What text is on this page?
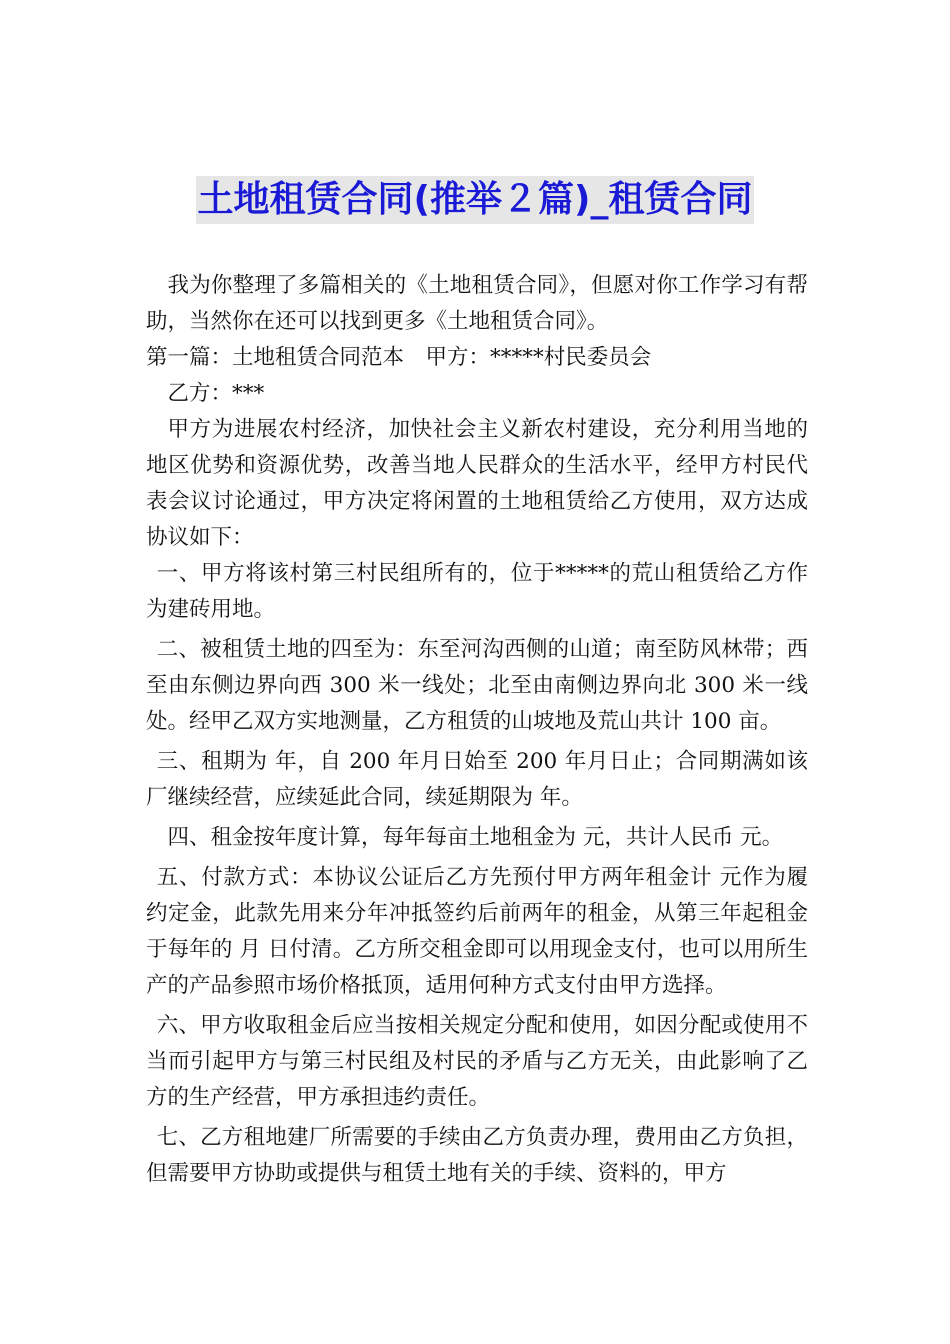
土地租赁合同(推举２篇)_租赁合同

我为你整理了多篇相关的《土地租赁合同》，但愿对你工作学习有帮助，当然你在还可以找到更多《土地租赁合同》。

第一篇：土地租赁合同范本　甲方：*****村民委员会

乙方：***

甲方为进展农村经济，加快社会主义新农村建设，充分利用当地的地区优势和资源优势，改善当地人民群众的生活水平，经甲方村民代表会议讨论通过，甲方决定将闲置的土地租赁给乙方使用，双方达成协议如下：

一、甲方将该村第三村民组所有的，位于*****的荒山租赁给乙方作为建砖用地。

二、被租赁土地的四至为：东至河沟西侧的山道；南至防风林带；西至由东侧边界向西 300 米一线处；北至由南侧边界向北 300 米一线处。经甲乙双方实地测量，乙方租赁的山坡地及荒山共计 100 亩。

三、租期为 年，自 200 年月日始至 200 年月日止；合同期满如该厂继续经营，应续延此合同，续延期限为 年。

四、租金按年度计算，每年每亩土地租金为 元，共计人民币 元。

五、付款方式：本协议公证后乙方先预付甲方两年租金计 元作为履约定金，此款先用来分年冲抵签约后前两年的租金，从第三年起租金于每年的 月 日付清。乙方所交租金即可以用现金支付，也可以用所生产的产品参照市场价格抵顶，适用何种方式支付由甲方选择。

六、甲方收取租金后应当按相关规定分配和使用，如因分配或使用不当而引起甲方与第三村民组及村民的矛盾与乙方无关，由此影响了乙方的生产经营，甲方承担违约责任。

七、乙方租地建厂所需要的手续由乙方负责办理，费用由乙方负担，但需要甲方协助或提供与租赁土地有关的手续、资料的，甲方
